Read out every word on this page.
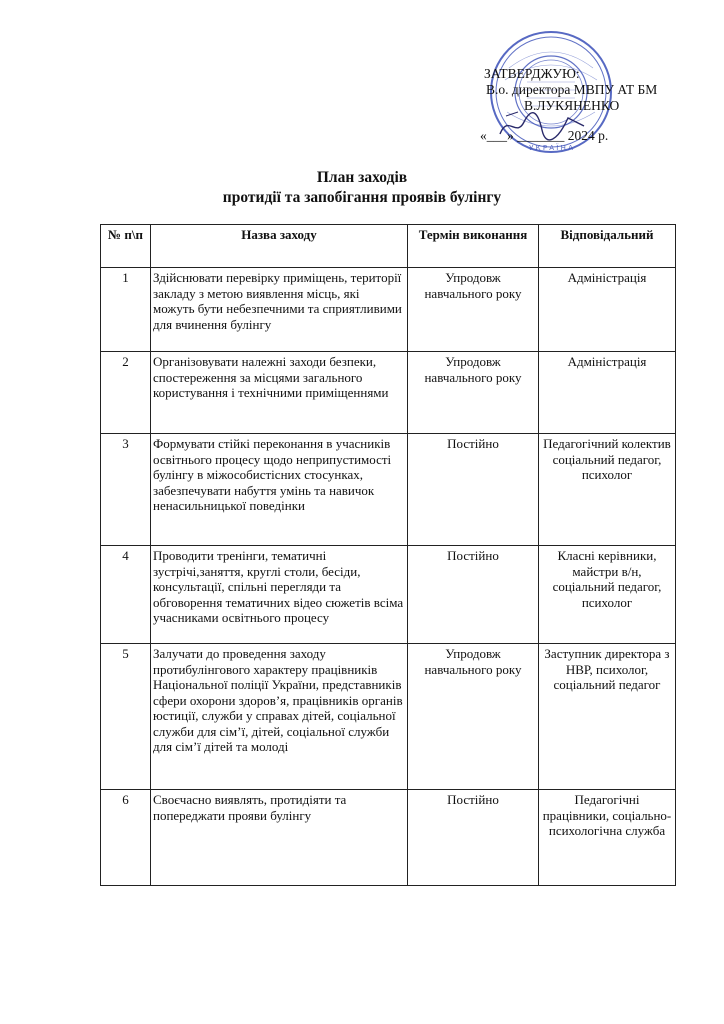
У К Р А Ї Н А
ЗАТВЕРДЖУЮ:
В.о. директора МВПУ АТ БМ
В.ЛУКЯНЕНКО
«___» _______ 2024 р.
План заходів
протидії та запобігання проявів булінгу
№ п\п	Назва заходу	Термін виконання	Відповідальний
1	Здійснювати перевірку приміщень, території закладу з метою виявлення місць, які можуть бути небезпечними та сприятливими для вчинення булінгу	Упродовж навчального року	Адміністрація
2	Організовувати належні заходи безпеки, спостереження за місцями загального користування і технічними приміщеннями	Упродовж навчального року	Адміністрація
3	Формувати стійкі переконання в учасників освітнього процесу щодо неприпустимості булінгу в міжособистісних стосунках, забезпечувати набуття умінь та навичок ненасильницької поведінки	Постійно	Педагогічний колектив соціальний педагог, психолог
4	Проводити тренінги, тематичні зустрічі,заняття, круглі столи, бесіди, консультації, спільні перегляди та обговорення тематичних відео сюжетів всіма учасниками освітнього процесу	Постійно	Класні керівники, майстри в/н, соціальний педагог, психолог
5	Залучати до проведення заходу протибулінгового характеру працівників Національної поліції України, представників сфери охорони здоров’я, працівників органів юстиції, служби у справах дітей, соціальної служби для сім’ї, дітей, соціальної служби для сім’ї дітей та молоді	Упродовж навчального року	Заступник директора з НВР, психолог, соціальний педагог
6	Своєчасно виявлять, протидіяти та попереджати прояви булінгу	Постійно	Педагогічні працівники, соціально-психологічна служба
